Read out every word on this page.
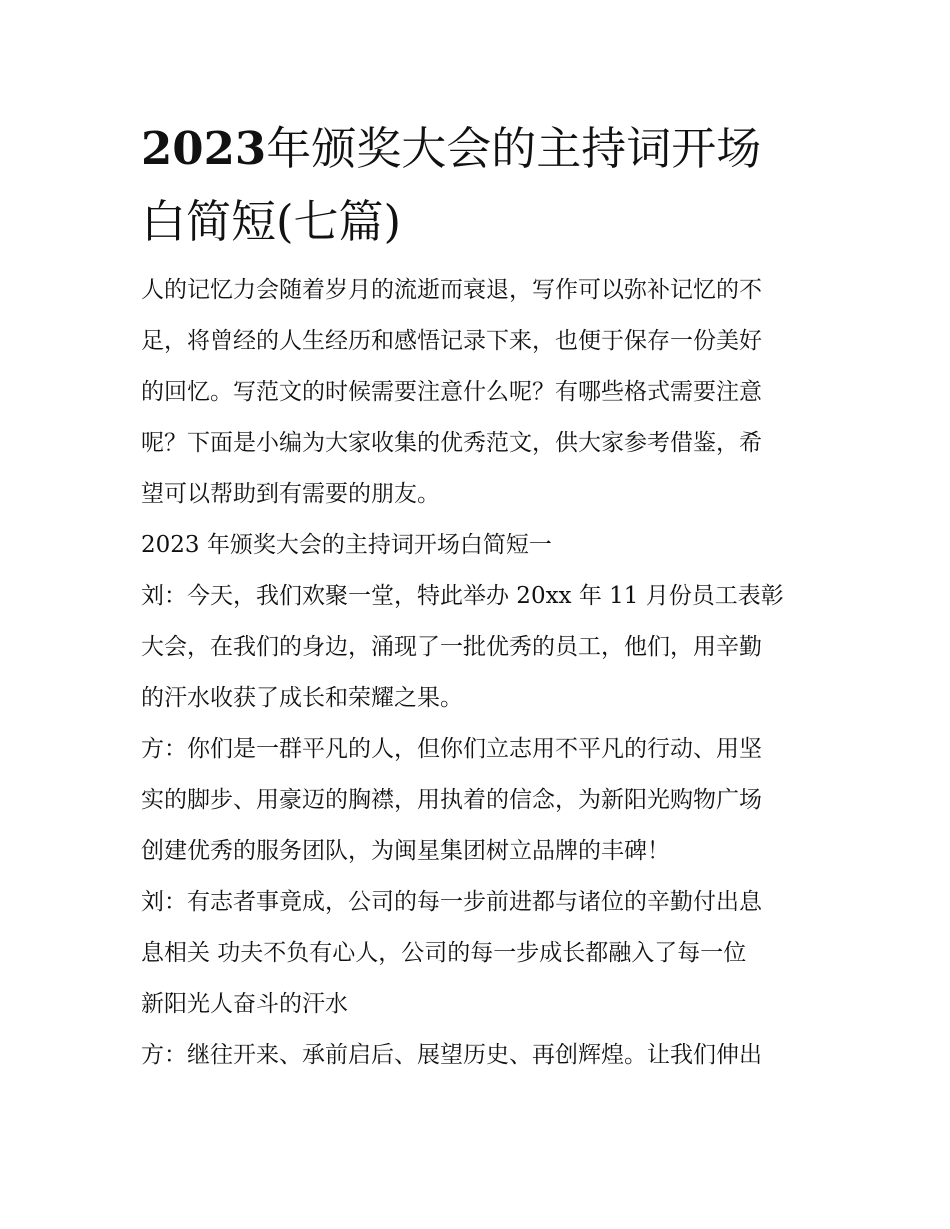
2023年颁奖大会的主持词开场
白简短(七篇)
人的记忆力会随着岁月的流逝而衰退，写作可以弥补记忆的不
足，将曾经的人生经历和感悟记录下来，也便于保存一份美好
的回忆。写范文的时候需要注意什么呢？有哪些格式需要注意
呢？下面是小编为大家收集的优秀范文，供大家参考借鉴，希
望可以帮助到有需要的朋友。
2023 年颁奖大会的主持词开场白简短一
刘：今天，我们欢聚一堂，特此举办 20xx 年 11 月份员工表彰
大会，在我们的身边，涌现了一批优秀的员工，他们，用辛勤
的汗水收获了成长和荣耀之果。
方：你们是一群平凡的人，但你们立志用不平凡的行动、用坚
实的脚步、用豪迈的胸襟，用执着的信念，为新阳光购物广场
创建优秀的服务团队，为闽星集团树立品牌的丰碑！
刘：有志者事竟成，公司的每一步前进都与诸位的辛勤付出息
息相关 功夫不负有心人，公司的每一步成长都融入了每一位
新阳光人奋斗的汗水
方：继往开来、承前启后、展望历史、再创辉煌。让我们伸出
